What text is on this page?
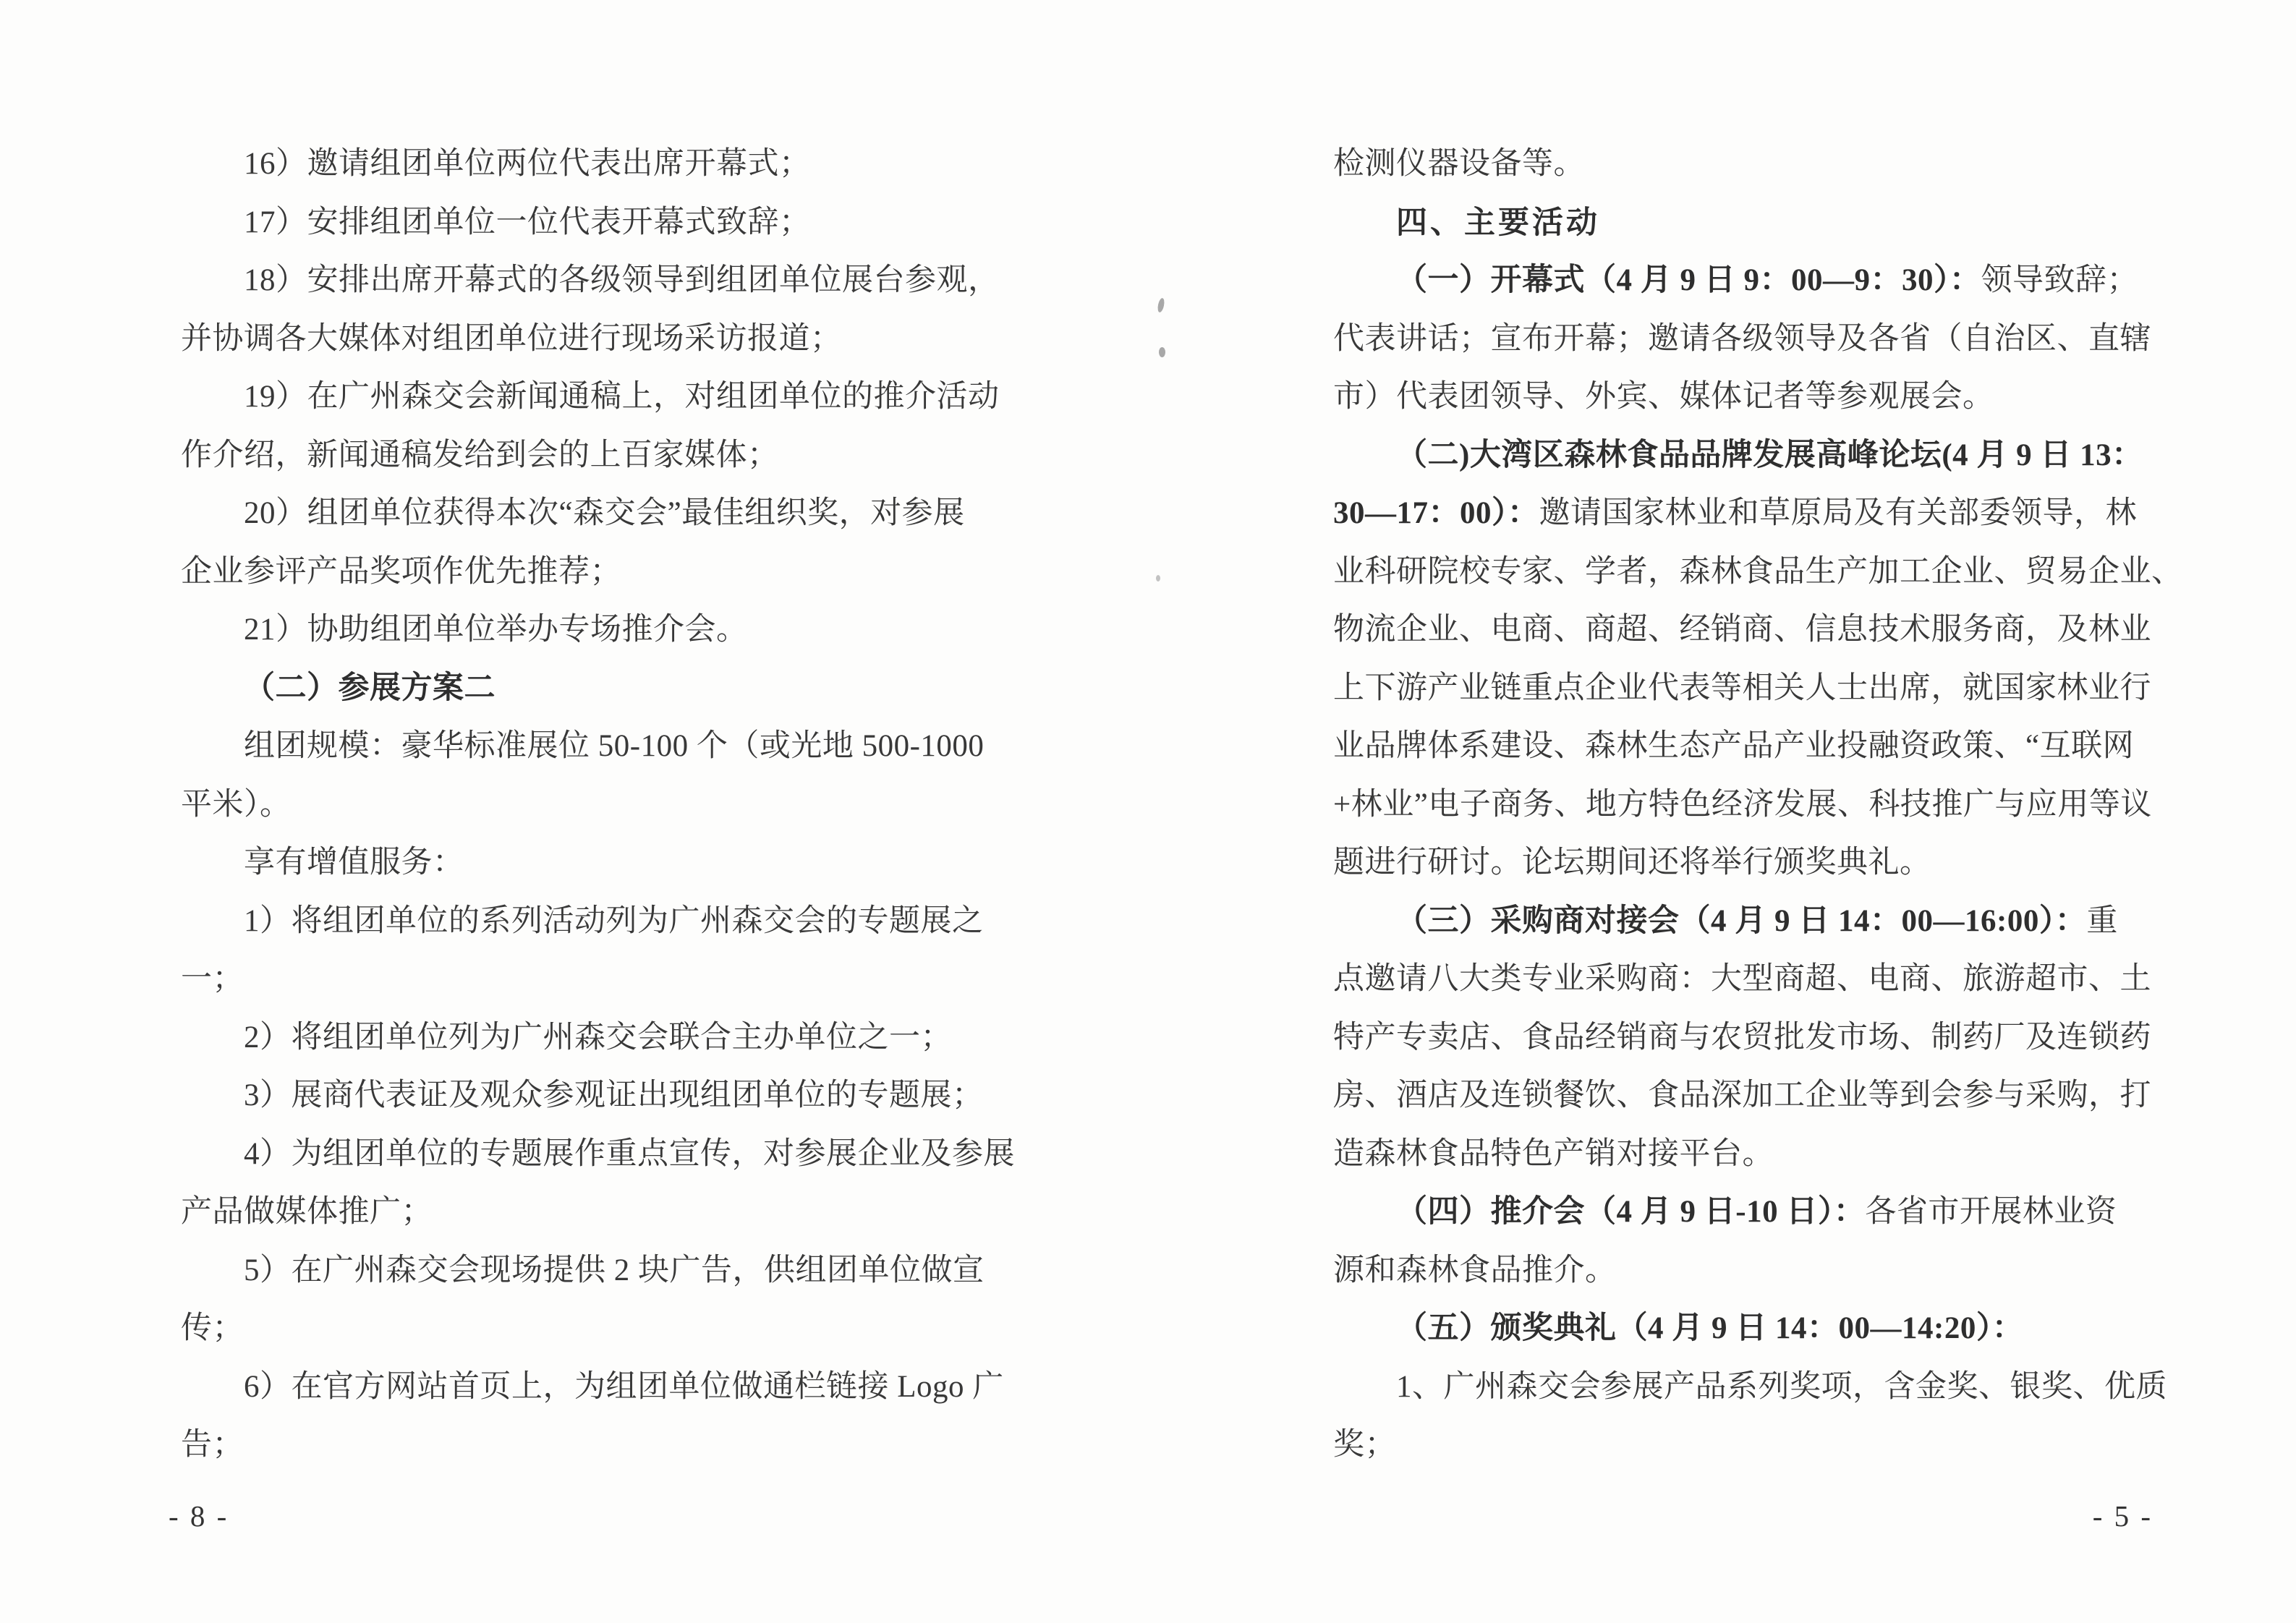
16）邀请组团单位两位代表出席开幕式；
17）安排组团单位一位代表开幕式致辞；
18）安排出席开幕式的各级领导到组团单位展台参观，
并协调各大媒体对组团单位进行现场采访报道；
19）在广州森交会新闻通稿上，对组团单位的推介活动
作介绍，新闻通稿发给到会的上百家媒体；
20）组团单位获得本次“森交会”最佳组织奖，对参展
企业参评产品奖项作优先推荐；
21）协助组团单位举办专场推介会。
（二）参展方案二
组团规模：豪华标准展位 50-100 个（或光地 500-1000
平米）。
享有增值服务：
1）将组团单位的系列活动列为广州森交会的专题展之
一；
2）将组团单位列为广州森交会联合主办单位之一；
3）展商代表证及观众参观证出现组团单位的专题展；
4）为组团单位的专题展作重点宣传，对参展企业及参展
产品做媒体推广；
5）在广州森交会现场提供 2 块广告，供组团单位做宣
传；
6）在官方网站首页上，为组团单位做通栏链接 Logo 广
告；
- 8 -
检测仪器设备等。
四、主要活动
（一）开幕式（4 月 9 日 9：00—9：30）：领导致辞；
代表讲话；宣布开幕；邀请各级领导及各省（自治区、直辖
市）代表团领导、外宾、媒体记者等参观展会。
（二)大湾区森林食品品牌发展高峰论坛(4 月 9 日 13：
30—17：00）：邀请国家林业和草原局及有关部委领导，林
业科研院校专家、学者，森林食品生产加工企业、贸易企业、
物流企业、电商、商超、经销商、信息技术服务商，及林业
上下游产业链重点企业代表等相关人士出席，就国家林业行
业品牌体系建设、森林生态产品产业投融资政策、“互联网
+林业”电子商务、地方特色经济发展、科技推广与应用等议
题进行研讨。论坛期间还将举行颁奖典礼。
（三）采购商对接会（4 月 9 日 14：00—16:00）：重
点邀请八大类专业采购商：大型商超、电商、旅游超市、土
特产专卖店、食品经销商与农贸批发市场、制药厂及连锁药
房、酒店及连锁餐饮、食品深加工企业等到会参与采购，打
造森林食品特色产销对接平台。
（四）推介会（4 月 9 日-10 日）：各省市开展林业资
源和森林食品推介。
（五）颁奖典礼（4 月 9 日 14：00—14:20）：
1、广州森交会参展产品系列奖项，含金奖、银奖、优质
奖；
- 5 -
